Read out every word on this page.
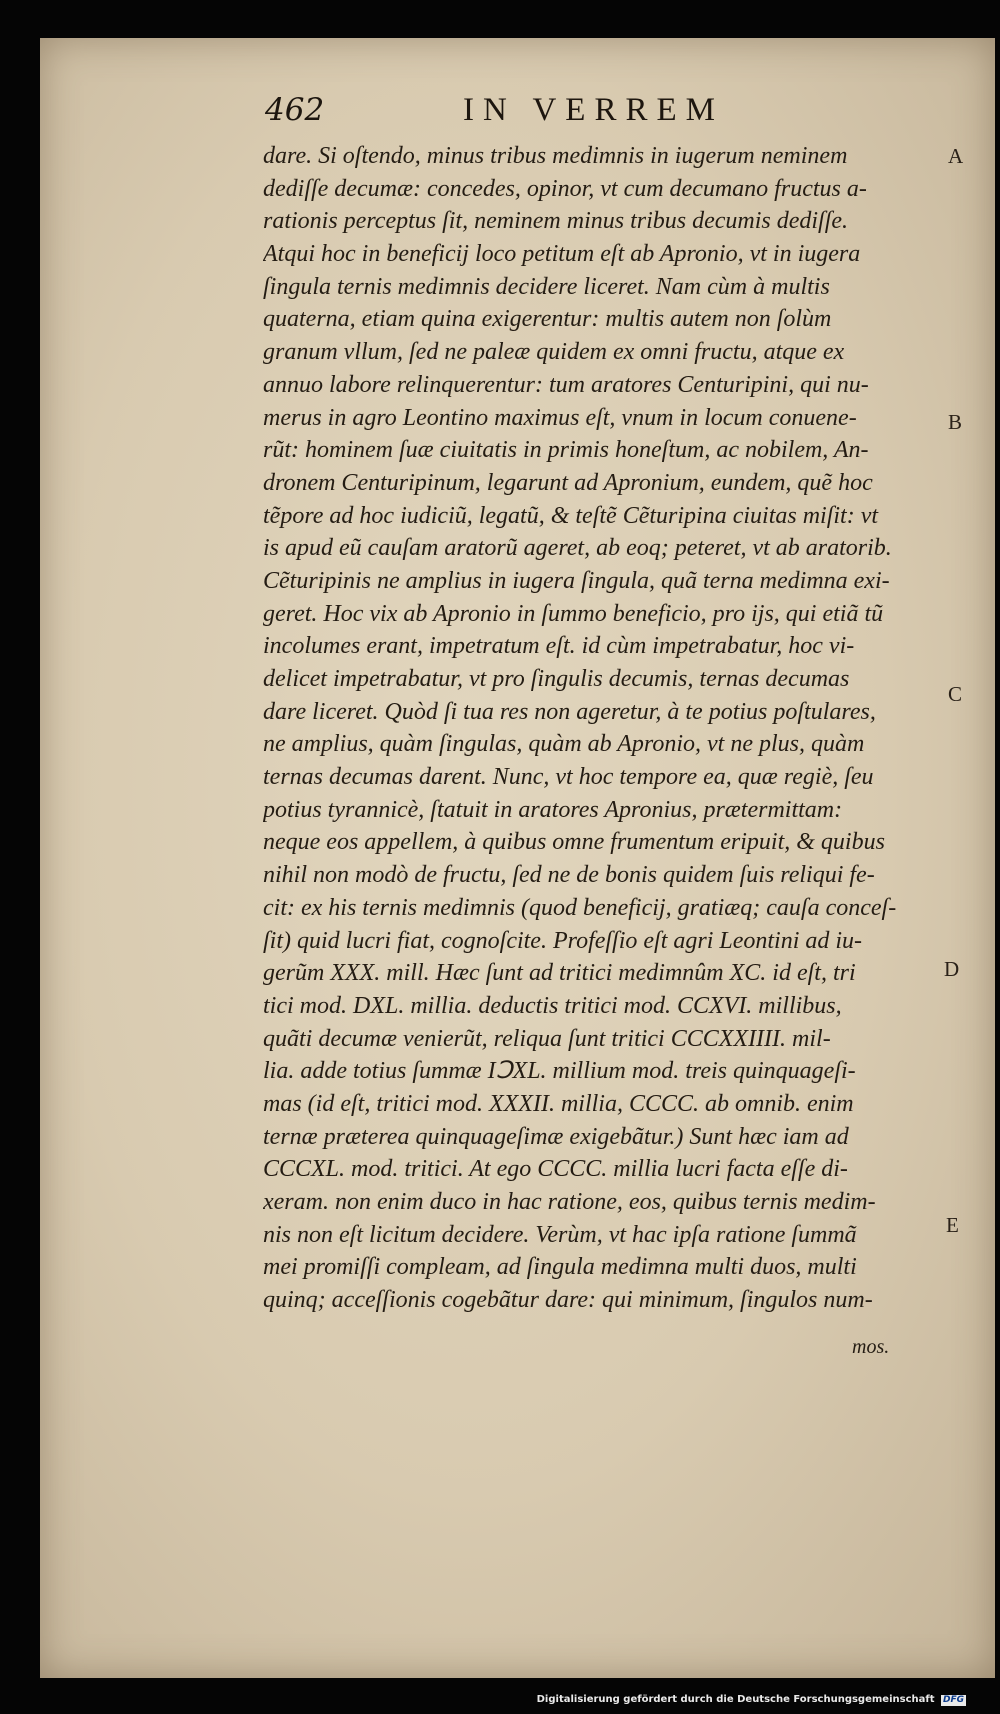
462	IN VERREM
dare. Si oſtendo, minus tribus medimnis in iugerum neminem
dediſſe decumæ: concedes, opinor, vt cum decumano fructus a-
rationis perceptus ſit, neminem minus tribus decumis dediſſe.
Atqui hoc in beneficij loco petitum eſt ab Apronio, vt in iugera
ſingula ternis medimnis decidere liceret. Nam cùm à multis
quaterna, etiam quina exigerentur: multis autem non ſolùm
granum vllum, ſed ne paleæ quidem ex omni fructu, atque ex
annuo labore relinquerentur: tum aratores Centuripini, qui nu-
merus in agro Leontino maximus eſt, vnum in locum conuene-
rũt: hominem ſuæ ciuitatis in primis honeſtum, ac nobilem, An-
dronem Centuripinum, legarunt ad Apronium, eundem, quẽ hoc
tẽpore ad hoc iudiciũ, legatũ, & teſtẽ Cẽturipina ciuitas miſit: vt
is apud eũ cauſam aratorũ ageret, ab eoq; peteret, vt ab aratorib.
Cẽturipinis ne amplius in iugera ſingula, quã terna medimna exi-
geret. Hoc vix ab Apronio in ſummo beneficio, pro ijs, qui etiã tũ
incolumes erant, impetratum eſt. id cùm impetrabatur, hoc vi-
delicet impetrabatur, vt pro ſingulis decumis, ternas decumas
dare liceret. Quòd ſi tua res non ageretur, à te potius poſtulares,
ne amplius, quàm ſingulas, quàm ab Apronio, vt ne plus, quàm
ternas decumas darent. Nunc, vt hoc tempore ea, quæ regiè, ſeu
potius tyrannicè, ſtatuit in aratores Apronius, prætermittam:
neque eos appellem, à quibus omne frumentum eripuit, & quibus
nihil non modò de fructu, ſed ne de bonis quidem ſuis reliqui fe-
cit: ex his ternis medimnis (quod beneficij, gratiæq; cauſa conceſ-
ſit) quid lucri fiat, cognoſcite. Profeſſio eſt agri Leontini ad iu-
gerũm XXX. mill. Hæc ſunt ad tritici medimnûm XC. id eſt, tri
tici mod. DXL. millia. deductis tritici mod. CCXVI. millibus,
quãti decumæ venierũt, reliqua ſunt tritici CCCXXIIII. mil-
lia. adde totius ſummæ IↃXL. millium mod. treis quinquageſi-
mas (id eſt, tritici mod. XXXII. millia, CCCC. ab omnib. enim
ternæ præterea quinquageſimæ exigebãtur.) Sunt hæc iam ad
CCCXL. mod. tritici. At ego CCCC. millia lucri facta eſſe di-
xeram. non enim duco in hac ratione, eos, quibus ternis medim-
nis non eſt licitum decidere. Verùm, vt hac ipſa ratione ſummã
mei promiſſi compleam, ad ſingula medimna multi duos, multi
quinq; acceſſionis cogebãtur dare: qui minimum, ſingulos num-
A
B
C
D
E
mos.
Digitalisierung gefördert durch die Deutsche Forschungsgemeinschaft DFG
